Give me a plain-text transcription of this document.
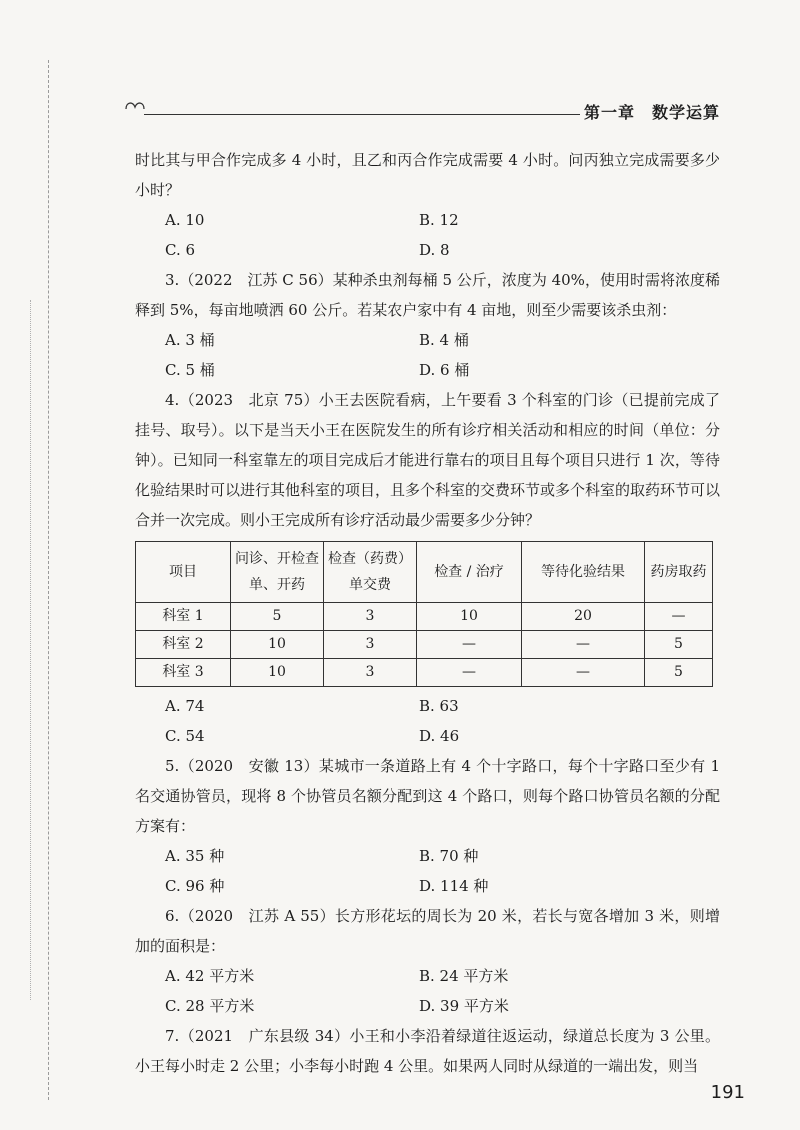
第一章　数学运算

时比其与甲合作完成多 4 小时，且乙和丙合作完成需要 4 小时。问丙独立完成需要多少小时？

A. 10	B. 12
C. 6	D. 8

3.（2022　江苏 C 56）某种杀虫剂每桶 5 公斤，浓度为 40%，使用时需将浓度稀释到 5%，每亩地喷洒 60 公斤。若某农户家中有 4 亩地，则至少需要该杀虫剂：

A. 3 桶	B. 4 桶
C. 5 桶	D. 6 桶

4.（2023　北京 75）小王去医院看病，上午要看 3 个科室的门诊（已提前完成了挂号、取号）。以下是当天小王在医院发生的所有诊疗相关活动和相应的时间（单位：分钟）。已知同一科室靠左的项目完成后才能进行靠右的项目且每个项目只进行 1 次，等待化验结果时可以进行其他科室的项目，且多个科室的交费环节或多个科室的取药环节可以合并一次完成。则小王完成所有诊疗活动最少需要多少分钟？

项目	问诊、开检查单、开药	检查（药费）单交费	检查 / 治疗	等待化验结果	药房取药
科室 1	5	3	10	20	—
科室 2	10	3	—	—	5
科室 3	10	3	—	—	5
A. 74	B. 63
C. 54	D. 46

5.（2020　安徽 13）某城市一条道路上有 4 个十字路口，每个十字路口至少有 1 名交通协管员，现将 8 个协管员名额分配到这 4 个路口，则每个路口协管员名额的分配方案有：

A. 35 种	B. 70 种
C. 96 种	D. 114 种

6.（2020　江苏 A 55）长方形花坛的周长为 20 米，若长与宽各增加 3 米，则增加的面积是：

A. 42 平方米	B. 24 平方米
C. 28 平方米	D. 39 平方米

7.（2021　广东县级 34）小王和小李沿着绿道往返运动，绿道总长度为 3 公里。小王每小时走 2 公里；小李每小时跑 4 公里。如果两人同时从绿道的一端出发，则当

191
